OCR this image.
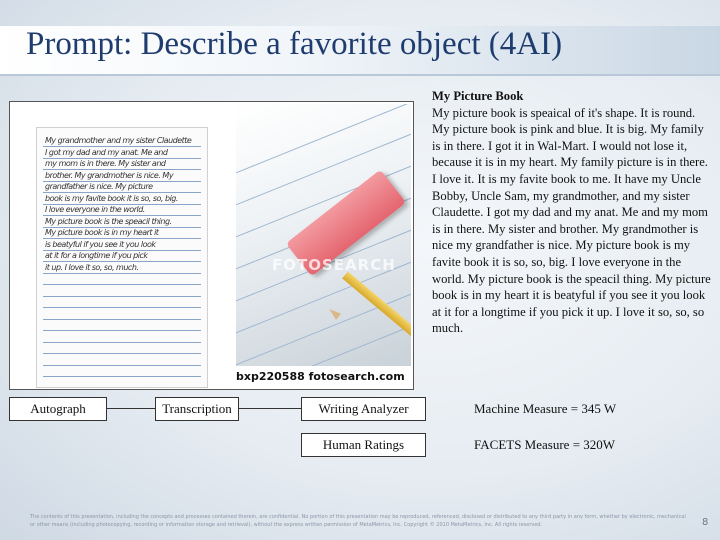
Prompt: Describe a favorite object (4AI)
My grandmother and my sister Claudette
I got my dad and my anat. Me and
my mom is in there. My sister and
brother. My grandmother is nice. My
grandfather is nice. My picture
book is my favite book it is so, so, big.
I love everyone in the world.
My picture book is the speacil thing.
My picture book is in my heart it
is beatyful if you see it you look
at it for a longtime if you pick
it up. I love it so, so, much.	FOTOSEARCH
bxp220588 fotosearch.com
My Picture Book
My picture book is speaical of it's shape. It is round. My picture book is pink and blue. It is big. My family is in there. I got it in Wal-Mart. I would not lose it, because it is in my heart. My family picture is in there. I love it. It is my favite book to me. It have my Uncle Bobby, Uncle Sam, my grandmother, and my sister Claudette. I got my dad and my anat. Me and my mom is in there. My sister and brother. My grandmother is nice my grandfather is nice. My picture book is my favite book it is so, so, big. I love everyone in the world. My picture book is the speacil thing. My picture book is in my heart it is beatyful if you see it you look at it for a longtime if you pick it up. I love it so, so, so much.
Autograph	Transcription	Writing Analyzer
Human Ratings
Machine Measure = 345 W
FACETS Measure = 320W
The contents of this presentation, including the concepts and processes contained therein, are confidential. No portion of this presentation may be reproduced, referenced, disclosed or distributed to any third party in any form, whether by electronic, mechanical or other means (including photocopying, recording or information storage and retrieval), without the express written permission of MetaMetrics, Inc. Copyright © 2010 MetaMetrics, Inc. All rights reserved.	8
